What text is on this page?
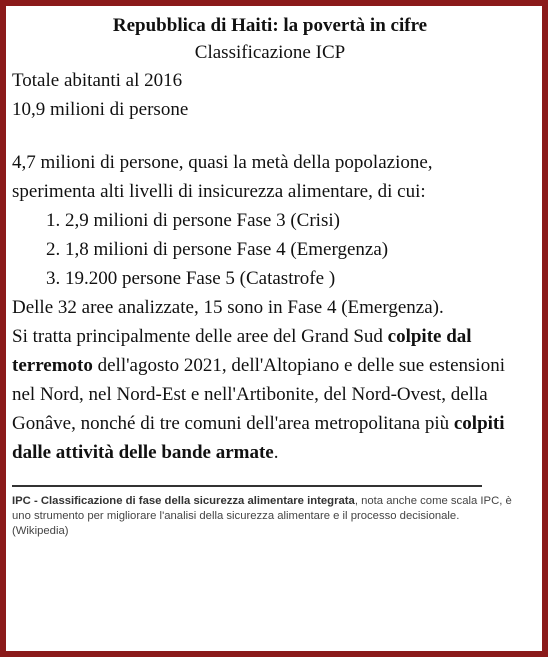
Repubblica di Haiti: la povertà in cifre
Classificazione ICP
Totale abitanti al 2016
10,9 milioni di persone
4,7 milioni di persone, quasi la metà della popolazione,
sperimenta alti livelli di insicurezza alimentare, di cui:
1. 2,9 milioni di persone Fase 3 (Crisi)
2. 1,8 milioni di persone Fase 4 (Emergenza)
3. 19.200 persone Fase 5 (Catastrofe )
Delle 32 aree analizzate, 15 sono in Fase 4 (Emergenza).
Si tratta principalmente delle aree del Grand Sud colpite dal terremoto dell'agosto 2021, dell'Altopiano e delle sue estensioni nel Nord, nel Nord-Est e nell'Artibonite, del Nord-Ovest, della Gonâve, nonché di tre comuni dell'area metropolitana più colpiti dalle attività delle bande armate.
IPC - Classificazione di fase della sicurezza alimentare integrata, nota anche come scala IPC, è uno strumento per migliorare l'analisi della sicurezza alimentare e il processo decisionale. (Wikipedia)
